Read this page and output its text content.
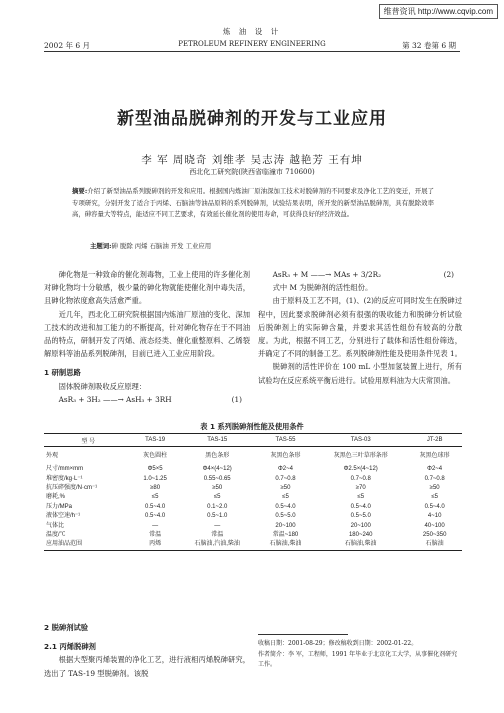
维普资讯 http://www.cqvip.com
炼 油 设 计
2002 年 6 月	PETROLEUM REFINERY ENGINEERING	第 32 卷第 6 期
新型油品脱砷剂的开发与工业应用
李 军 周晓奇 刘维孝 吴志涛 越艳芳 王有坤
西北化工研究院(陕西省临潼市 710600)
摘要:介绍了新型油品系列脱砷剂的开发和应用。根据国内炼油厂原油深加工技术对脱砷剂的不同要求及净化工艺的变迁，开展了专项研究，分别开发了适合于丙烯、石脑油等油品原料的系列脱砷剂，试验结果表明，所开发的新型油品脱砷剂，具有脱除效率高，砷容量大等特点，能适应不同工艺要求，有效延长催化剂的使用寿命，可获得良好的经济效益。
主题词:砷 脱除 丙烯 石脑油 开发 工业应用

砷化物是一种致命的催化剂毒物，工业上使用的许多催化剂对砷化物均十分敏感，极少量的砷化物就能使催化剂中毒失活，且砷化物浓度愈高失活愈严重。

近几年，西北化工研究院根据国内炼油厂原油的变化、深加工技术的改进和加工能力的不断提高，针对砷化物存在于不同油品的特点，研制开发了丙烯、液态烃类、催化重整原料、乙烯裂解原料等油品系列脱砷剂，目前已进入工业应用阶段。

1 研制思路

固体脱砷剂吸收反应原理：

AsR₃ + 3H₂ ——→ AsH₃ + 3RH	(1)
AsR₃ + M ——→ MAs + 3/2R₂	(2)

式中 M 为脱砷剂的活性组份。

由于原料及工艺不同，(1)、(2)的反应可同时发生在脱砷过程中，因此要求脱砷剂必须有很强的吸收能力和脱砷分析试验后脱砷剂上的实际砷含量，并要求其活性组份有较高的分散度。为此，根据不同工艺，分别进行了载体和活性组份筛选，并确定了不同的制备工艺。系列脱砷剂性能及使用条件见表 1。

脱砷剂的活性评价在 100 mL 小型加氢装置上进行，所有试验均在反应系统平衡后进行。试验用原料油为大庆常顶油。

表 1 系列脱砷剂性能及使用条件
型 号	TAS-19	TAS-15	TAS-55	TAS-03	JT-2B
外观	灰色圆柱	黑色条形	灰黑色条形	灰黑色三叶草形条形	灰黑色球形
尺寸/mm×mm	Φ5×5	Φ4×(4~12)	Φ2~4	Φ2.5×(4~12)	Φ2~4
堆密度/kg·L⁻¹	1.0~1.25	0.55~0.65	0.7~0.8	0.7~0.8	0.7~0.8
抗压碎强度/N·cm⁻¹	≥80	≥50	≥50	≥70	≥50
磨耗,%	≤5	≤5	≤5	≤5	≤5
压力/MPa	0.5~4.0	0.1~2.0	0.5~4.0	0.5~4.0	0.5~4.0
液体空速/h⁻¹	0.5~4.0	0.5~1.0	0.5~5.0	0.5~5.0	4~10
气体比	—	—	20~100	20~100	40~100
温度/℃	常温	常温	常温~180	180~240	250~350
应用油品范围	丙烯	石脑油,汽油,柴油	石脑油,柴油	石脑油,柴油	石脑油

2 脱砷剂试验

2.1 丙烯脱砷剂

根据大型聚丙烯装置的净化工艺，进行液相丙烯脱砷研究，选出了 TAS-19 型脱砷剂。该脱

收稿日期：2001-08-29；修改稿收到日期：2002-01-22。
作者简介：李 军，工程师，1991 年毕业于北京化工大学，从事催化剂研究工作。
